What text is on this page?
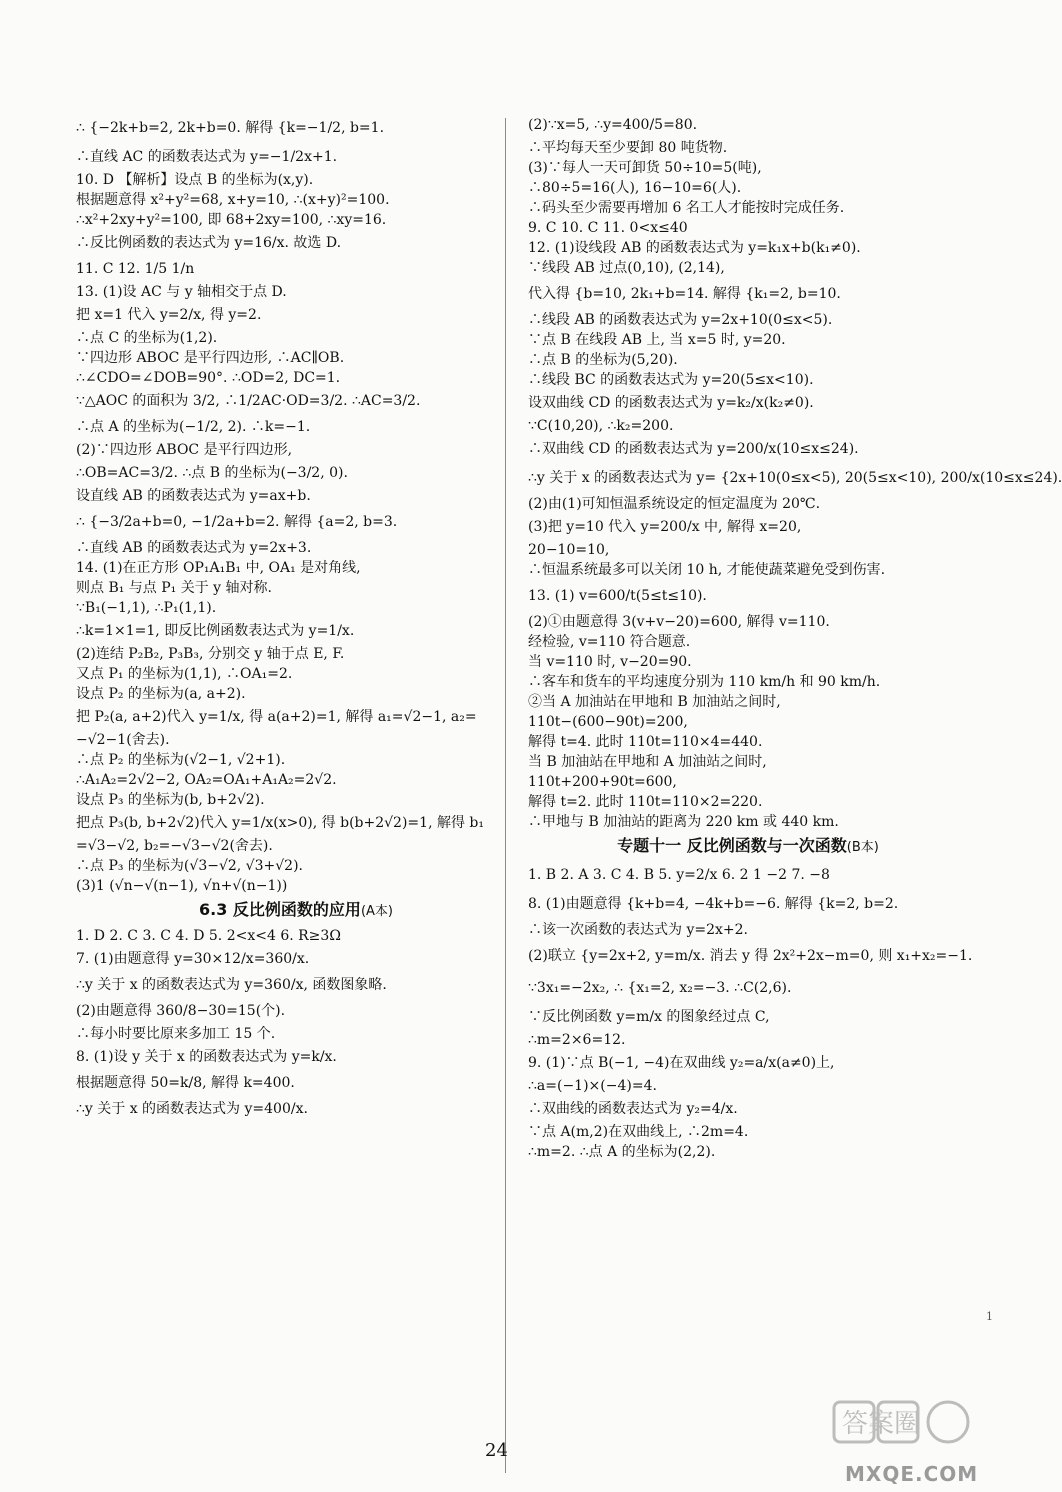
∴ {−2k+b=2, 2k+b=0. 解得 {k=−1/2, b=1.
∴直线 AC 的函数表达式为 y=−1/2x+1.
10. D 【解析】设点 B 的坐标为(x,y).
根据题意得 x²+y²=68, x+y=10, ∴(x+y)²=100.
∴x²+2xy+y²=100, 即 68+2xy=100, ∴xy=16.
∴反比例函数的表达式为 y=16/x. 故选 D.
11. C 12. 1/5 1/n
13. (1)设 AC 与 y 轴相交于点 D.
把 x=1 代入 y=2/x, 得 y=2.
∴点 C 的坐标为(1,2).
∵四边形 ABOC 是平行四边形, ∴AC∥OB.
∴∠CDO=∠DOB=90°. ∴OD=2, DC=1.
∵△AOC 的面积为 3/2, ∴1/2AC·OD=3/2. ∴AC=3/2.
∴点 A 的坐标为(−1/2, 2). ∴k=−1.
(2)∵四边形 ABOC 是平行四边形,
∴OB=AC=3/2. ∴点 B 的坐标为(−3/2, 0).
设直线 AB 的函数表达式为 y=ax+b.
∴ {−3/2a+b=0, −1/2a+b=2. 解得 {a=2, b=3.
∴直线 AB 的函数表达式为 y=2x+3.
14. (1)在正方形 OP₁A₁B₁ 中, OA₁ 是对角线,
则点 B₁ 与点 P₁ 关于 y 轴对称.
∵B₁(−1,1), ∴P₁(1,1).
∴k=1×1=1, 即反比例函数表达式为 y=1/x.
(2)连结 P₂B₂, P₃B₃, 分别交 y 轴于点 E, F.
又点 P₁ 的坐标为(1,1), ∴OA₁=2.
设点 P₂ 的坐标为(a, a+2).
把 P₂(a, a+2)代入 y=1/x, 得 a(a+2)=1, 解得 a₁=√2−1, a₂=
−√2−1(舍去).
∴点 P₂ 的坐标为(√2−1, √2+1).
∴A₁A₂=2√2−2, OA₂=OA₁+A₁A₂=2√2.
设点 P₃ 的坐标为(b, b+2√2).
把点 P₃(b, b+2√2)代入 y=1/x(x>0), 得 b(b+2√2)=1, 解得 b₁
=√3−√2, b₂=−√3−√2(舍去).
∴点 P₃ 的坐标为(√3−√2, √3+√2).
(3)1 (√n−√(n−1), √n+√(n−1))
6.3 反比例函数的应用(A本)
1. D 2. C 3. C 4. D 5. 2<x<4 6. R≥3Ω
7. (1)由题意得 y=30×12/x=360/x.
∴y 关于 x 的函数表达式为 y=360/x, 函数图象略.
(2)由题意得 360/8−30=15(个).
∴每小时要比原来多加工 15 个.
8. (1)设 y 关于 x 的函数表达式为 y=k/x.
根据题意得 50=k/8, 解得 k=400.
∴y 关于 x 的函数表达式为 y=400/x.
(2)∵x=5, ∴y=400/5=80.
∴平均每天至少要卸 80 吨货物.
(3)∵每人一天可卸货 50÷10=5(吨),
∴80÷5=16(人), 16−10=6(人).
∴码头至少需要再增加 6 名工人才能按时完成任务.
9. C 10. C 11. 0<x≤40
12. (1)设线段 AB 的函数表达式为 y=k₁x+b(k₁≠0).
∵线段 AB 过点(0,10), (2,14),
代入得 {b=10, 2k₁+b=14. 解得 {k₁=2, b=10.
∴线段 AB 的函数表达式为 y=2x+10(0≤x<5).
∵点 B 在线段 AB 上, 当 x=5 时, y=20.
∴点 B 的坐标为(5,20).
∴线段 BC 的函数表达式为 y=20(5≤x<10).
设双曲线 CD 的函数表达式为 y=k₂/x(k₂≠0).
∵C(10,20), ∴k₂=200.
∴双曲线 CD 的函数表达式为 y=200/x(10≤x≤24).
∴y 关于 x 的函数表达式为 y= {2x+10(0≤x<5), 20(5≤x<10), 200/x(10≤x≤24).
(2)由(1)可知恒温系统设定的恒定温度为 20℃.
(3)把 y=10 代入 y=200/x 中, 解得 x=20,
20−10=10,
∴恒温系统最多可以关闭 10 h, 才能使蔬菜避免受到伤害.
13. (1) v=600/t(5≤t≤10).
(2)①由题意得 3(v+v−20)=600, 解得 v=110.
经检验, v=110 符合题意.
当 v=110 时, v−20=90.
∴客车和货车的平均速度分别为 110 km/h 和 90 km/h.
②当 A 加油站在甲地和 B 加油站之间时,
110t−(600−90t)=200,
解得 t=4. 此时 110t=110×4=440.
当 B 加油站在甲地和 A 加油站之间时,
110t+200+90t=600,
解得 t=2. 此时 110t=110×2=220.
∴甲地与 B 加油站的距离为 220 km 或 440 km.
专题十一 反比例函数与一次函数(B本)
1. B 2. A 3. C 4. B 5. y=2/x 6. 2 1 −2 7. −8
8. (1)由题意得 {k+b=4, −4k+b=−6. 解得 {k=2, b=2.
∴该一次函数的表达式为 y=2x+2.
(2)联立 {y=2x+2, y=m/x. 消去 y 得 2x²+2x−m=0, 则 x₁+x₂=−1.
∵3x₁=−2x₂, ∴ {x₁=2, x₂=−3. ∴C(2,6).
∵反比例函数 y=m/x 的图象经过点 C,
∴m=2×6=12.
9. (1)∵点 B(−1, −4)在双曲线 y₂=a/x(a≠0)上,
∴a=(−1)×(−4)=4.
∴双曲线的函数表达式为 y₂=4/x.
∵点 A(m,2)在双曲线上, ∴2m=4.
∴m=2. ∴点 A 的坐标为(2,2).
1
24
答案圈
MXQE.COM
